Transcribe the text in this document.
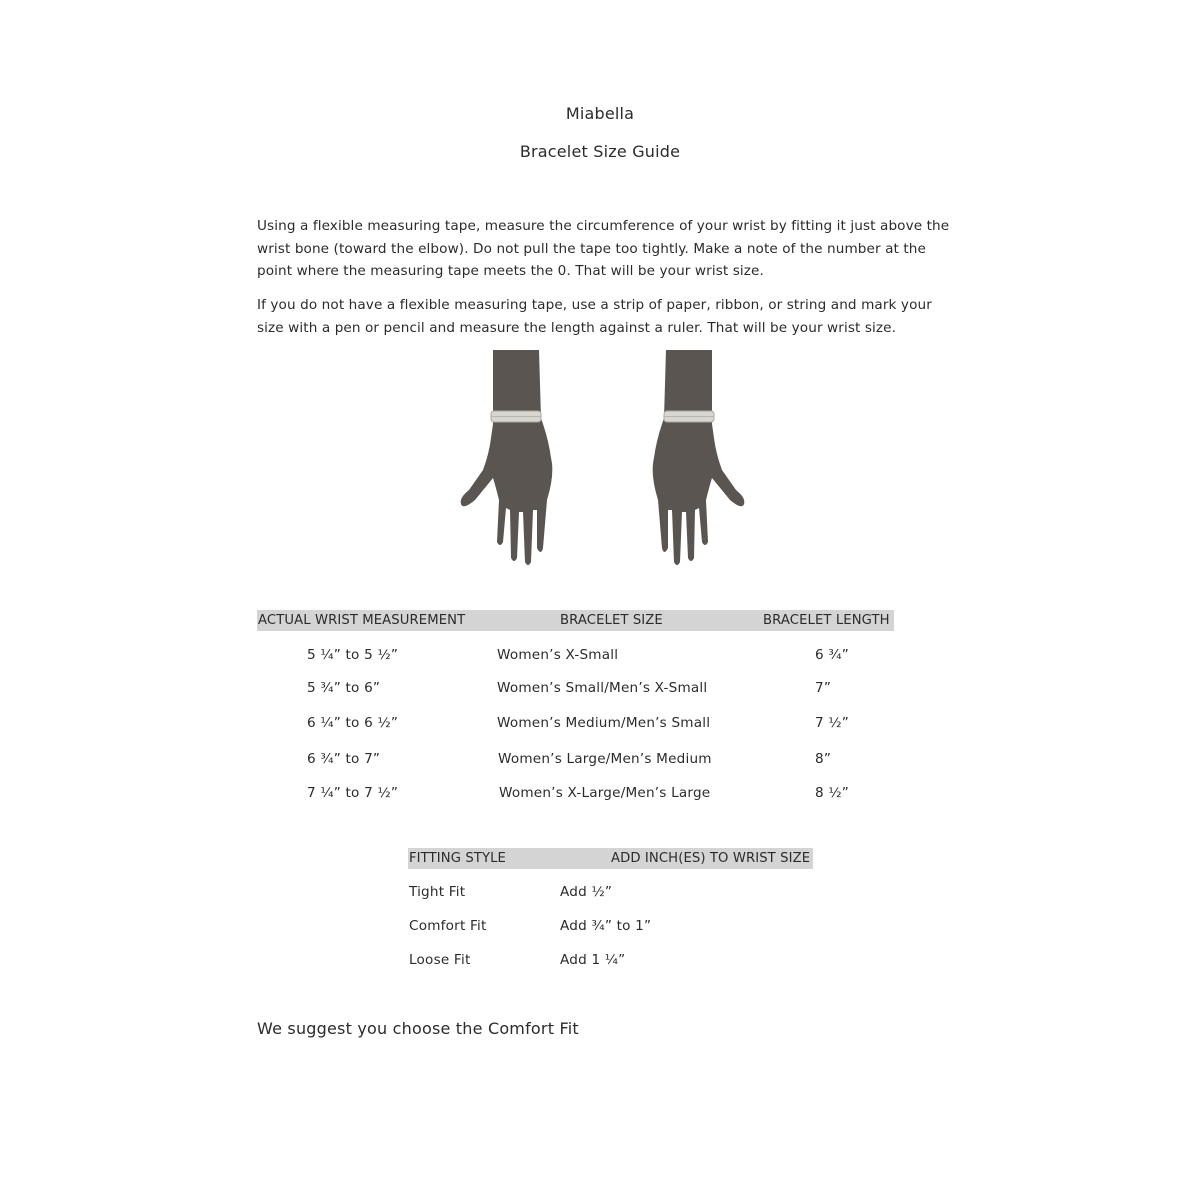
Miabella
Bracelet Size Guide
Using a flexible measuring tape, measure the circumference of your wrist by fitting it just above the wrist bone (toward the elbow). Do not pull the tape too tightly. Make a note of the number at the point where the measuring tape meets the 0. That will be your wrist size.
If you do not have a flexible measuring tape, use a strip of paper, ribbon, or string and mark your size with a pen or pencil and measure the length against a ruler. That will be your wrist size.
ACTUAL WRIST MEASUREMENT	BRACELET SIZE	BRACELET LENGTH
5 ¼” to 5 ½”	Women’s X-Small	6 ¾”
5 ¾” to 6”	Women’s Small/Men’s X-Small	7”
6 ¼” to 6 ½”	Women’s Medium/Men’s Small	7 ½”
6 ¾” to 7”	Women’s Large/Men’s Medium	8”
7 ¼” to 7 ½”	Women’s X-Large/Men’s Large	8 ½”
FITTING STYLE	ADD INCH(ES) TO WRIST SIZE
Tight Fit	Add ½”
Comfort Fit	Add ¾” to 1”
Loose Fit	Add 1 ¼”
We suggest you choose the Comfort Fit
